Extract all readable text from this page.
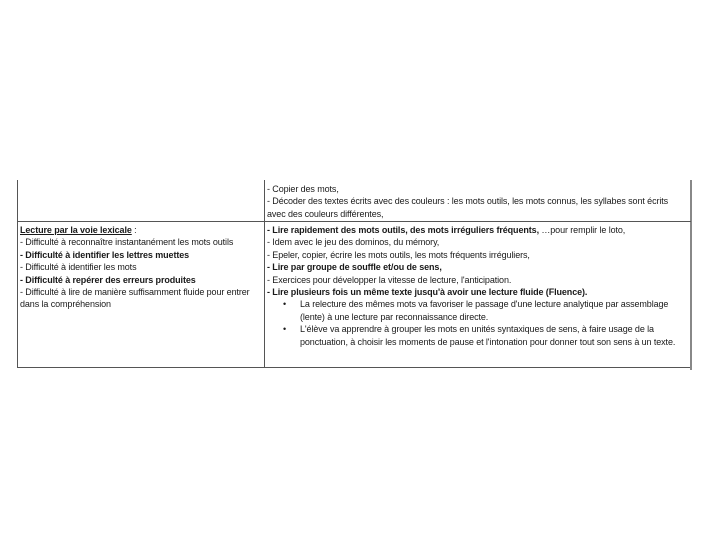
- Copier des mots,
- Décoder des textes écrits avec des couleurs : les mots outils, les mots connus, les syllabes sont écrits avec des couleurs différentes,
Lecture par la voie lexicale :
- Difficulté à reconnaître instantanément les mots outils
- Difficulté à identifier les lettres muettes
- Difficulté à identifier les mots
- Difficulté à repérer des erreurs produites
- Difficulté à lire de manière suffisamment fluide pour entrer dans la compréhension
- Lire rapidement des mots outils, des mots irréguliers fréquents, …pour remplir le loto,
- Idem avec le jeu des dominos, du mémory,
- Epeler, copier, écrire les mots outils, les mots fréquents irréguliers,
- Lire par groupe de souffle et/ou de sens,
- Exercices pour développer la vitesse de lecture, l'anticipation.
- Lire plusieurs fois un même texte jusqu'à avoir une lecture fluide (Fluence).
• La relecture des mêmes mots va favoriser le passage d'une lecture analytique par assemblage (lente) à une lecture par reconnaissance directe.
• L'élève va apprendre à grouper les mots en unités syntaxiques de sens, à faire usage de la ponctuation, à choisir les moments de pause et l'intonation pour donner tout son sens à un texte.
